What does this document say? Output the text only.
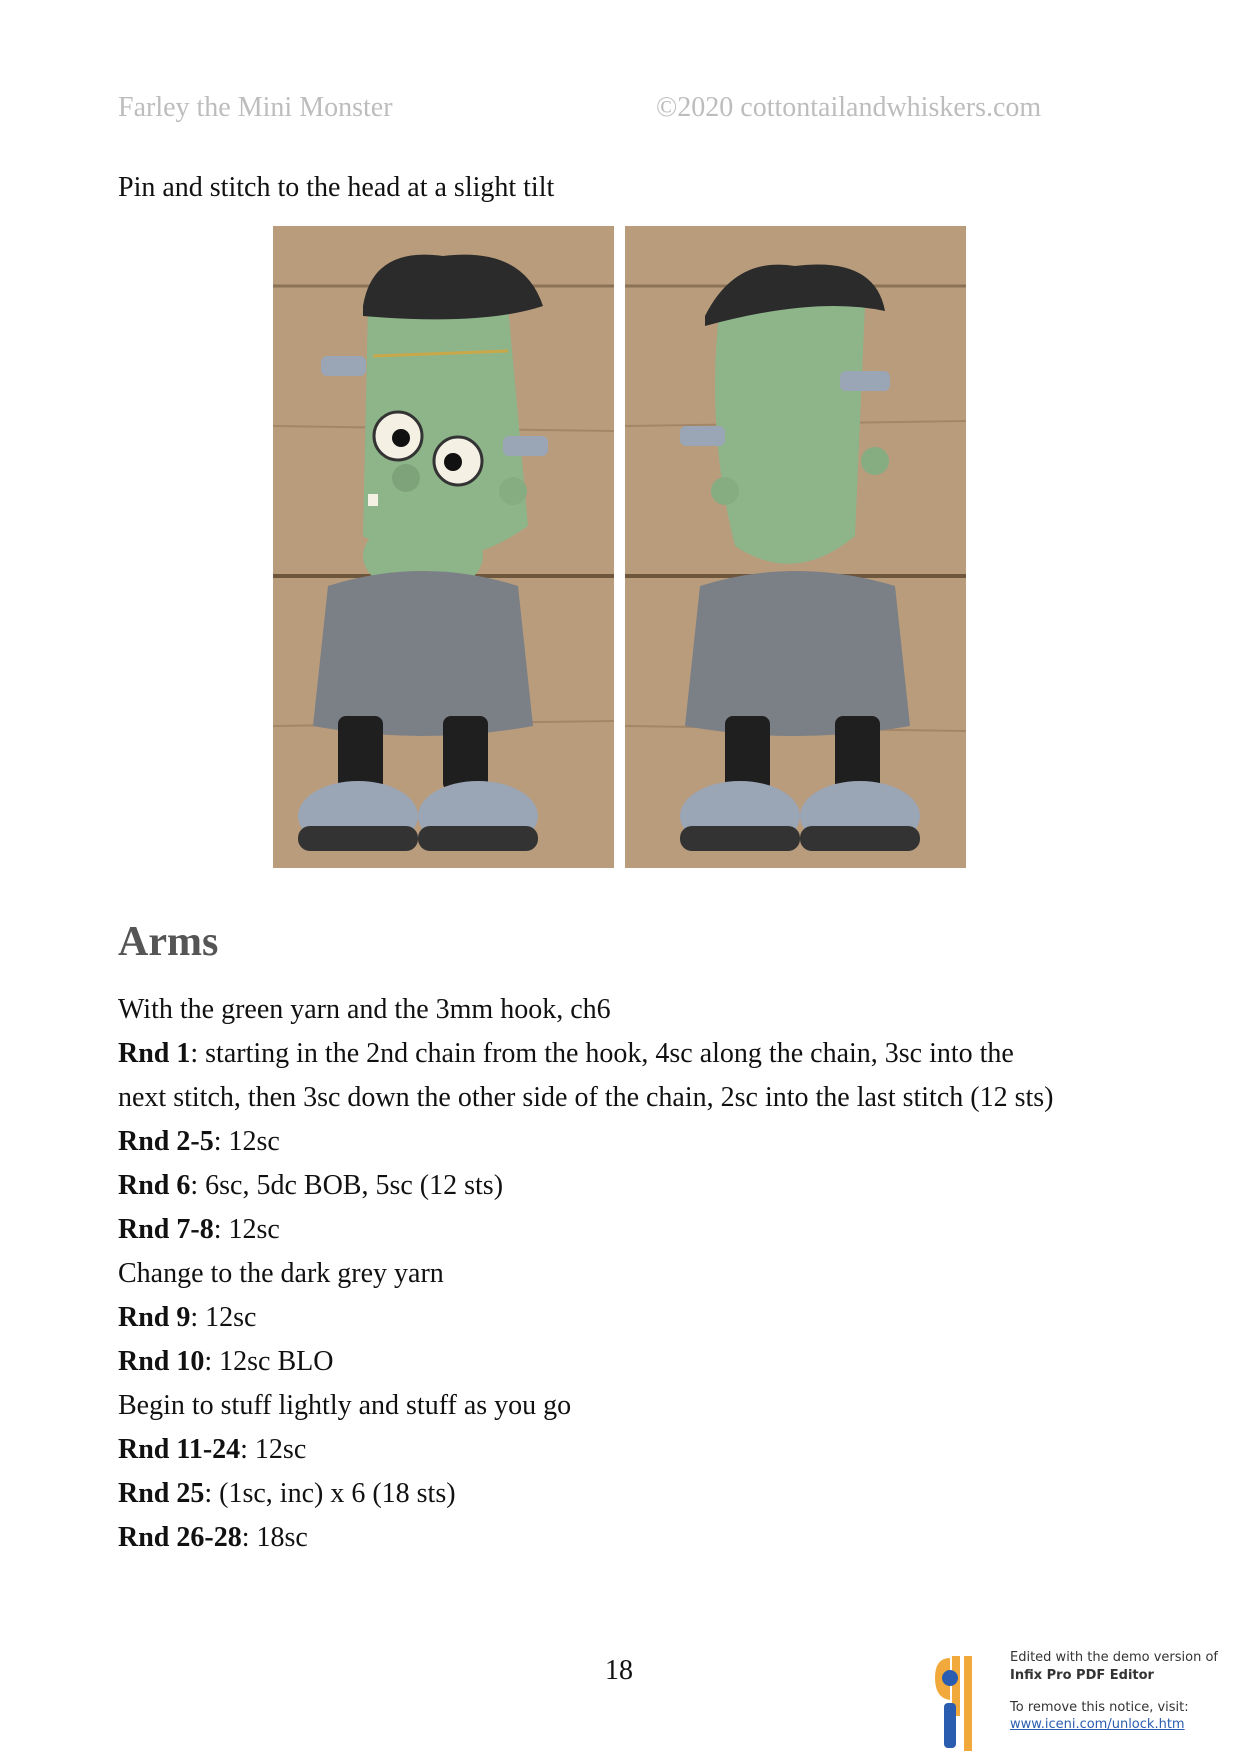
Farley the Mini Monster	©2020 cottontailandwhiskers.com
Pin and stitch to the head at a slight tilt
Arms

With the green yarn and the 3mm hook, ch6

Rnd 1: starting in the 2nd chain from the hook, 4sc along the chain, 3sc into the next stitch, then 3sc down the other side of the chain, 2sc into the last stitch (12 sts)

Rnd 2-5: 12sc

Rnd 6: 6sc, 5dc BOB, 5sc (12 sts)

Rnd 7-8: 12sc

Change to the dark grey yarn

Rnd 9: 12sc

Rnd 10: 12sc BLO

Begin to stuff lightly and stuff as you go

Rnd 11-24: 12sc

Rnd 25: (1sc, inc) x 6 (18 sts)

Rnd 26-28: 18sc

18	Edited with the demo version of
Infix Pro PDF Editor
To remove this notice, visit:
www.iceni.com/unlock.htm
